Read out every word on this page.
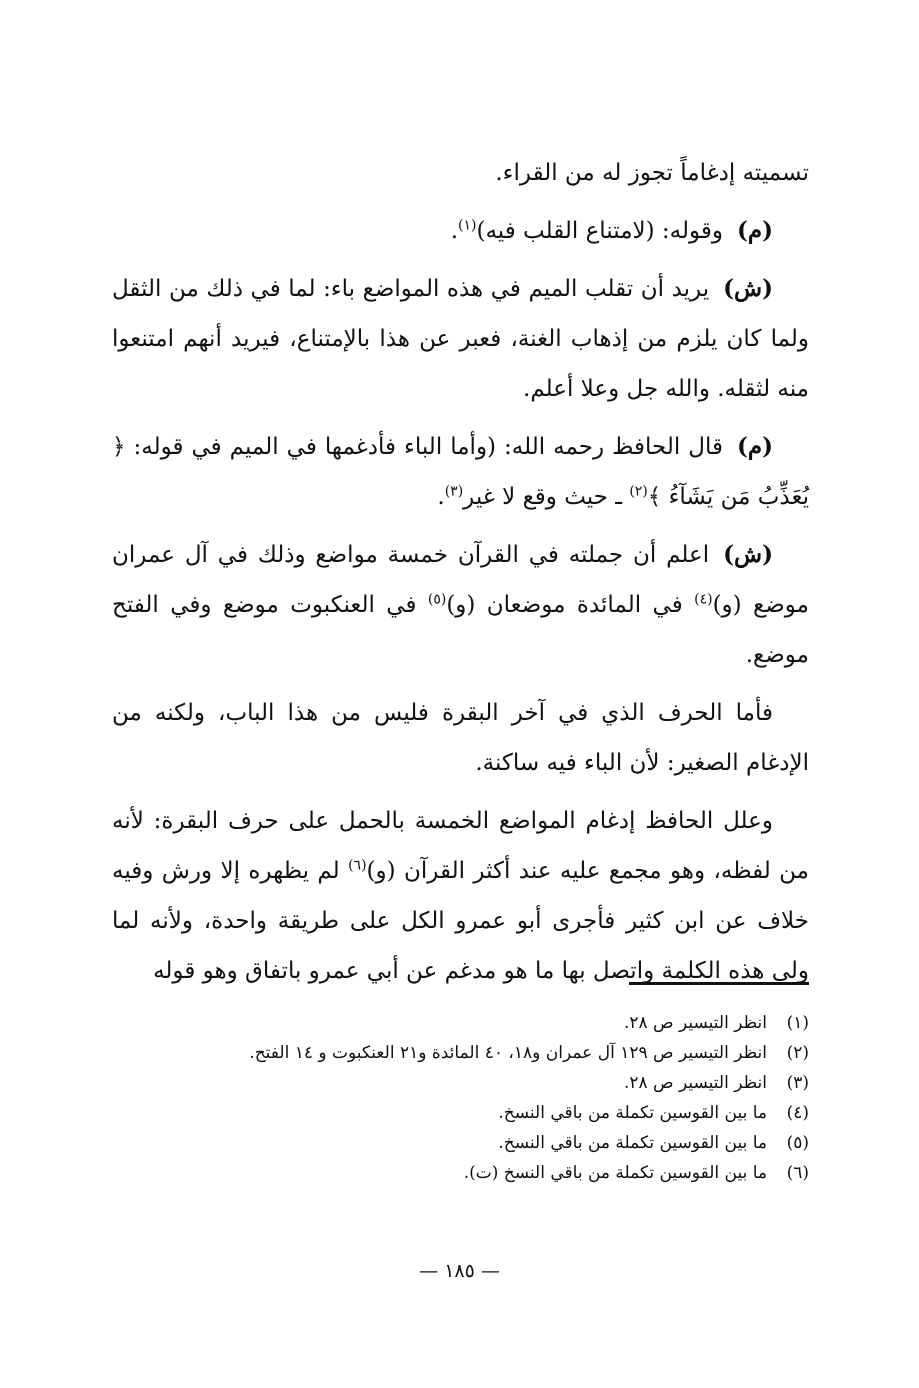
تسميته إدغاماً تجوز له من القراء.

(م)وقوله: (لامتناع القلب فيه)$^{(١)}$.

(ش)يريد أن تقلب الميم في هذه المواضع باء: لما في ذلك من الثقل ولما كان يلزم من إذهاب الغنة، فعبر عن هذا بالإمتناع، فيريد أنهم امتنعوا منه لثقله. والله جل وعلا أعلم.

(م)قال الحافظ رحمه الله: (وأما الباء فأدغمها في الميم في قوله: ﴿ يُعَذِّبُ مَن يَشَآءُ ﴾$^{(٢)}$ ـ حيث وقع لا غير$^{(٣)}$.

(ش)اعلم أن جملته في القرآن خمسة مواضع وذلك في آل عمران موضع (و)$^{(٤)}$ في المائدة موضعان (و)$^{(٥)}$ في العنكبوت موضع وفي الفتح موضع.

فأما الحرف الذي في آخر البقرة فليس من هذا الباب، ولكنه من الإدغام الصغير: لأن الباء فيه ساكنة.

وعلل الحافظ إدغام المواضع الخمسة بالحمل على حرف البقرة: لأنه من لفظه، وهو مجمع عليه عند أكثر القرآن (و)$^{(٦)}$ لم يظهره إلا ورش وفيه خلاف عن ابن كثير فأجرى أبو عمرو الكل على طريقة واحدة، ولأنه لما ولى هذه الكلمة واتصل بها ما هو مدغم عن أبي عمرو باتفاق وهو قوله

(١)
انظر التيسير ص ٢٨.
(٢)
انظر التيسير ص ١٢٩ آل عمران و١٨، ٤٠ المائدة و٢١ العنكبوت و ١٤ الفتح.
(٣)
انظر التيسير ص ٢٨.
(٤)
ما بين القوسين تكملة من باقي النسخ.
(٥)
ما بين القوسين تكملة من باقي النسخ.
(٦)
ما بين القوسين تكملة من باقي النسخ (ت).
— ١٨٥ —
